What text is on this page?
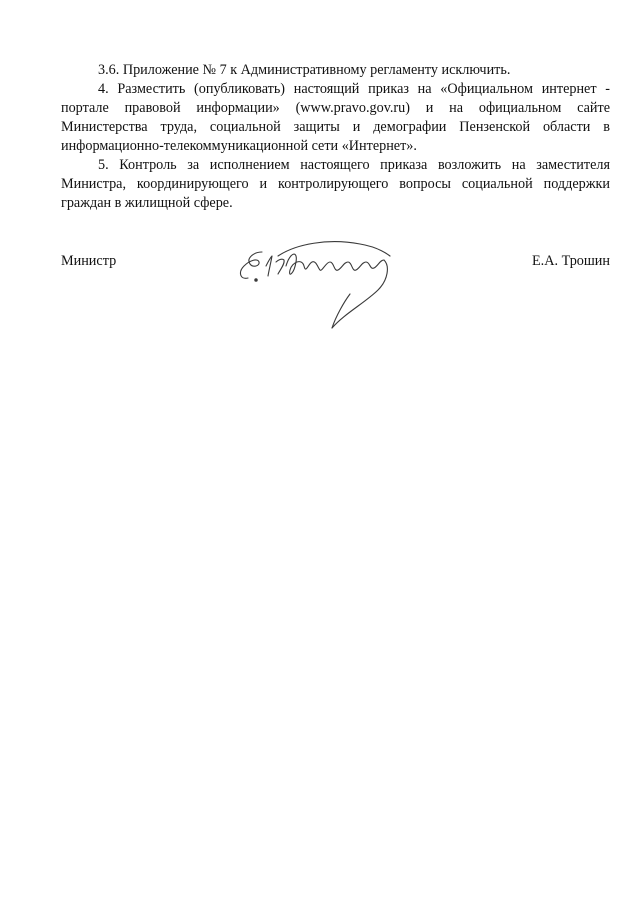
3.6. Приложение № 7 к Административному регламенту исключить.
4. Разместить (опубликовать) настоящий приказ на «Официальном интернет -
портале правовой информации» (www.pravo.gov.ru) и на официальном сайте
Министерства труда, социальной защиты и демографии Пензенской области в
информационно-телекоммуникационной сети «Интернет».
5. Контроль за исполнением настоящего приказа возложить на заместителя
Министра, координирующего и контролирующего вопросы социальной поддержки
граждан в жилищной сфере.
Министр	Е.А. Трошин
